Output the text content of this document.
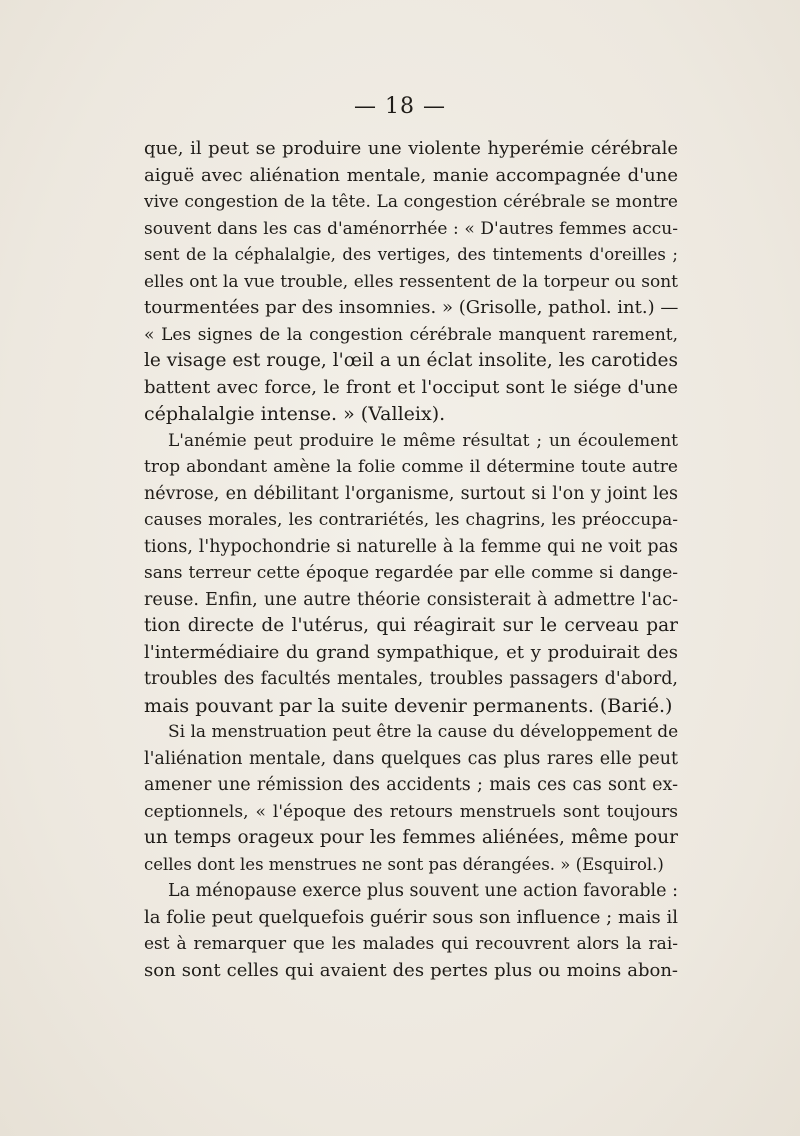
— 18 —
que, il peut se produire une violente hyperémie cérébrale
aiguë avec aliénation mentale, manie accompagnée d'une
vive congestion de la tête. La congestion cérébrale se montre
souvent dans les cas d'aménorrhée : « D'autres femmes accu-
sent de la céphalalgie, des vertiges, des tintements d'oreilles ;
elles ont la vue trouble, elles ressentent de la torpeur ou sont
tourmentées par des insomnies. » (Grisolle, pathol. int.) —
« Les signes de la congestion cérébrale manquent rarement,
le visage est rouge, l'œil a un éclat insolite, les carotides
battent avec force, le front et l'occiput sont le siége d'une
céphalalgie intense. » (Valleix).
L'anémie peut produire le même résultat ; un écoulement
trop abondant amène la folie comme il détermine toute autre
névrose, en débilitant l'organisme, surtout si l'on y joint les
causes morales, les contrariétés, les chagrins, les préoccupa-
tions, l'hypochondrie si naturelle à la femme qui ne voit pas
sans terreur cette époque regardée par elle comme si dange-
reuse. Enfin, une autre théorie consisterait à admettre l'ac-
tion directe de l'utérus, qui réagirait sur le cerveau par
l'intermédiaire du grand sympathique, et y produirait des
troubles des facultés mentales, troubles passagers d'abord,
mais pouvant par la suite devenir permanents. (Barié.)
Si la menstruation peut être la cause du développement de
l'aliénation mentale, dans quelques cas plus rares elle peut
amener une rémission des accidents ; mais ces cas sont ex-
ceptionnels, « l'époque des retours menstruels sont toujours
un temps orageux pour les femmes aliénées, même pour
celles dont les menstrues ne sont pas dérangées. » (Esquirol.)
La ménopause exerce plus souvent une action favorable :
la folie peut quelquefois guérir sous son influence ; mais il
est à remarquer que les malades qui recouvrent alors la rai-
son sont celles qui avaient des pertes plus ou moins abon-
